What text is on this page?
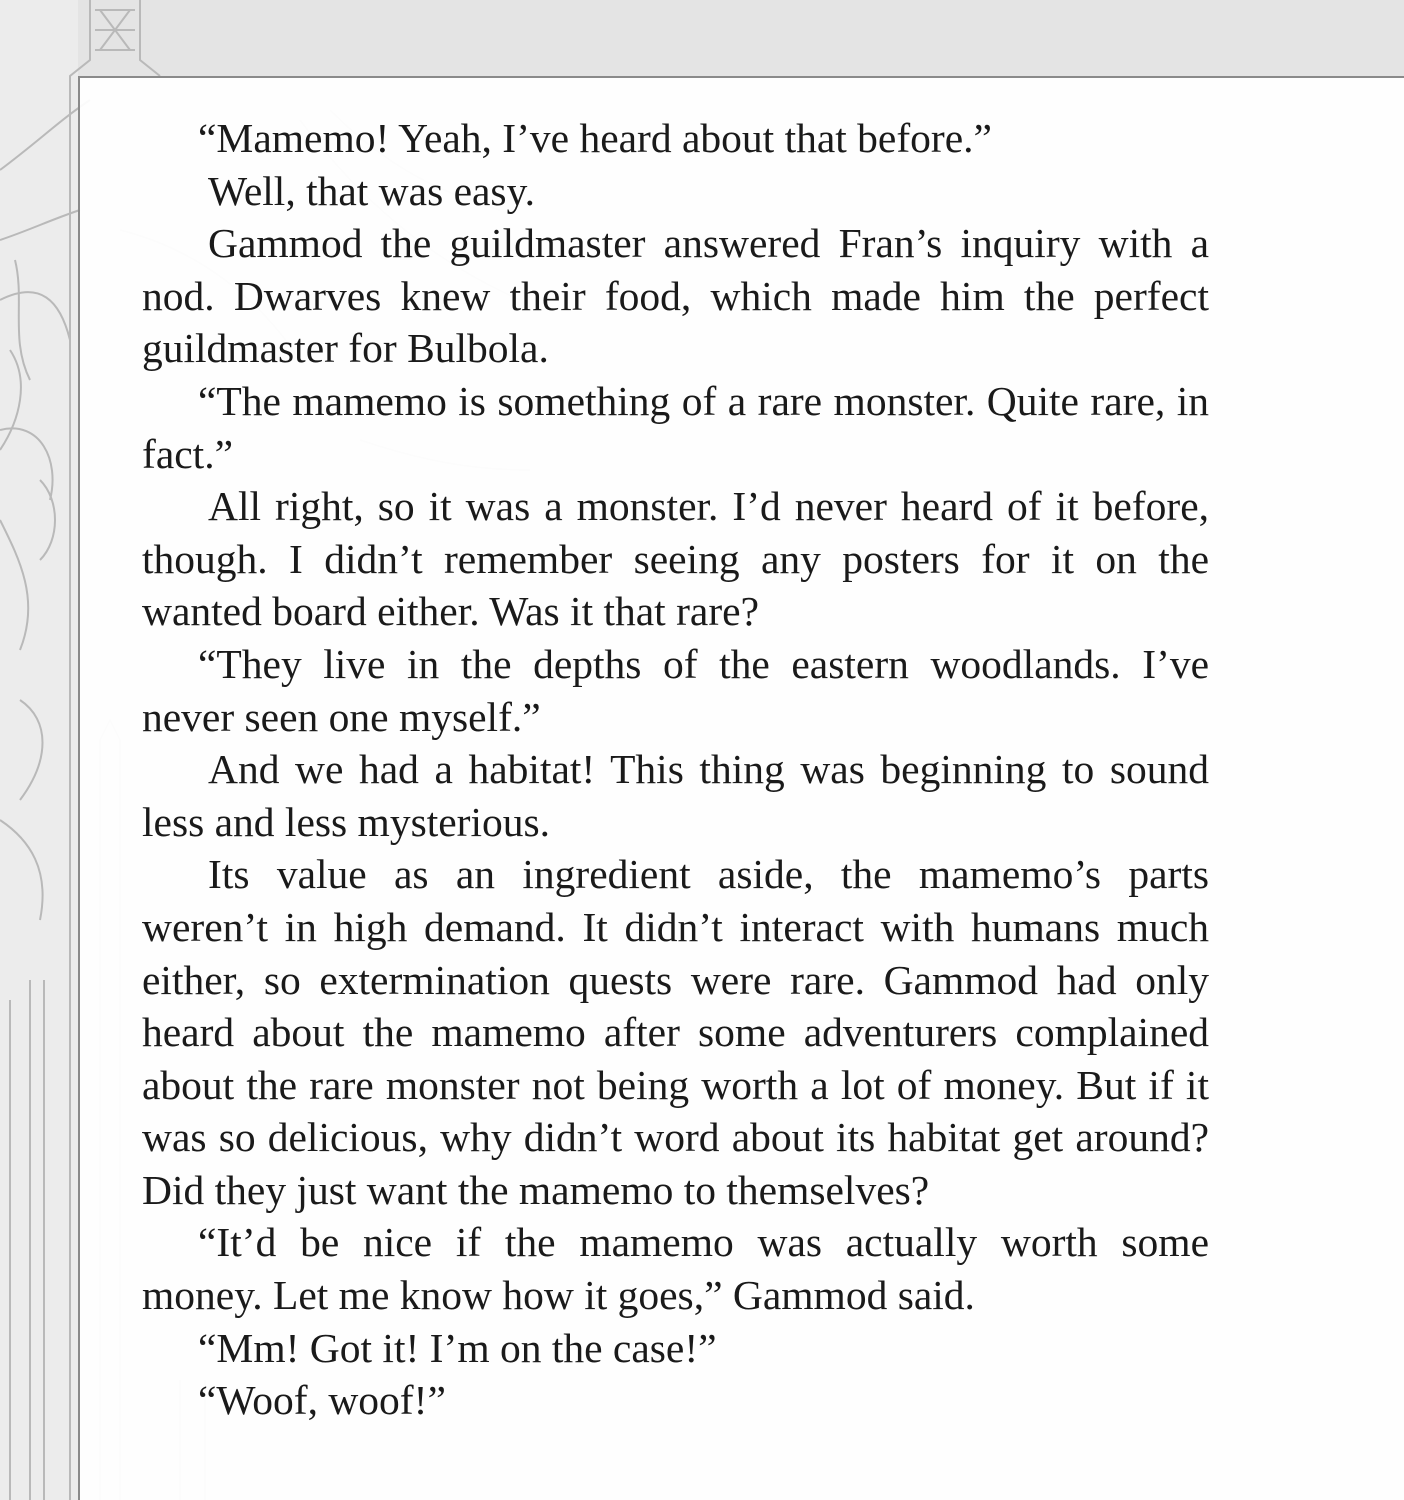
“Mamemo! Yeah, I’ve heard about that before.”

Well, that was easy.

Gammod the guildmaster answered Fran’s inquiry with a nod. Dwarves knew their food, which made him the perfect guildmaster for Bulbola.

“The mamemo is something of a rare monster. Quite rare, in fact.”

All right, so it was a monster. I’d never heard of it before, though. I didn’t remember seeing any posters for it on the wanted board either. Was it that rare?

“They live in the depths of the eastern woodlands. I’ve never seen one myself.”

And we had a habitat! This thing was beginning to sound less and less mysterious.

Its value as an ingredient aside, the mamemo’s parts weren’t in high demand. It didn’t interact with humans much either, so extermination quests were rare. Gammod had only heard about the mamemo after some adventurers complained about the rare monster not being worth a lot of money. But if it was so delicious, why didn’t word about its habitat get around? Did they just want the mamemo to themselves?

“It’d be nice if the mamemo was actually worth some money. Let me know how it goes,” Gammod said.

“Mm! Got it! I’m on the case!”

“Woof, woof!”
